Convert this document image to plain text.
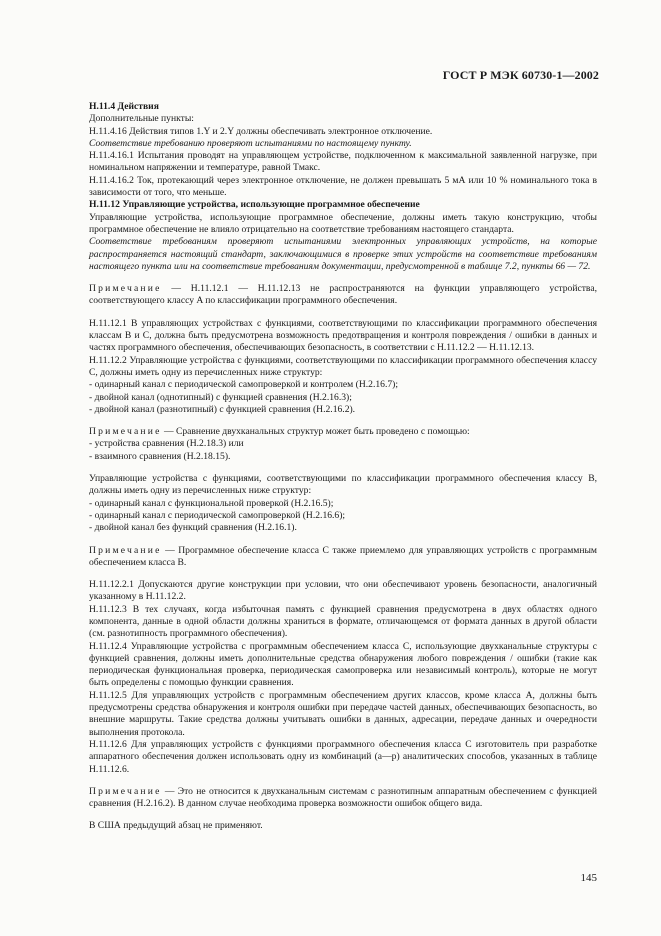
ГОСТ Р МЭК 60730-1—2002

H.11.4 Действия

Дополнительные пункты:

H.11.4.16 Действия типов 1.Y и 2.Y должны обеспечивать электронное отключение.

Соответствие требованию проверяют испытаниями по настоящему пункту.

H.11.4.16.1 Испытания проводят на управляющем устройстве, подключенном к максимальной заявленной нагрузке, при номинальном напряжении и температуре, равной Tмакс.

H.11.4.16.2 Ток, протекающий через электронное отключение, не должен превышать 5 мА или 10 % номинального тока в зависимости от того, что меньше.

H.11.12 Управляющие устройства, использующие программное обеспечение

Управляющие устройства, использующие программное обеспечение, должны иметь такую конструкцию, чтобы программное обеспечение не влияло отрицательно на соответствие требованиям настоящего стандарта.

Соответствие требованиям проверяют испытаниями электронных управляющих устройств, на которые распространяется настоящий стандарт, заключающимися в проверке этих устройств на соответствие требованиям настоящего пункта или на соответствие требованиям документации, предусмотренной в таблице 7.2, пункты 66 — 72.

Примечание — H.11.12.1 — H.11.12.13 не распространяются на функции управляющего устройства, соответствующего классу A по классификации программного обеспечения.

H.11.12.1 В управляющих устройствах с функциями, соответствующими по классификации программного обеспечения классам B и C, должна быть предусмотрена возможность предотвращения и контроля повреждения / ошибки в данных и частях программного обеспечения, обеспечивающих безопасность, в соответствии с H.11.12.2 — H.11.12.13.

H.11.12.2 Управляющие устройства с функциями, соответствующими по классификации программного обеспечения классу C, должны иметь одну из перечисленных ниже структур:

- одинарный канал с периодической самопроверкой и контролем (H.2.16.7);

- двойной канал (однотипный) с функцией сравнения (H.2.16.3);

- двойной канал (разнотипный) с функцией сравнения (H.2.16.2).

Примечание — Сравнение двухканальных структур может быть проведено с помощью:

- устройства сравнения (H.2.18.3) или

- взаимного сравнения (H.2.18.15).

Управляющие устройства с функциями, соответствующими по классификации программного обеспечения классу B, должны иметь одну из перечисленных ниже структур:

- одинарный канал с функциональной проверкой (H.2.16.5);

- одинарный канал с периодической самопроверкой (H.2.16.6);

- двойной канал без функций сравнения (H.2.16.1).

Примечание — Программное обеспечение класса C также приемлемо для управляющих устройств с программным обеспечением класса B.

H.11.12.2.1 Допускаются другие конструкции при условии, что они обеспечивают уровень безопасности, аналогичный указанному в H.11.12.2.

H.11.12.3 В тех случаях, когда избыточная память с функцией сравнения предусмотрена в двух областях одного компонента, данные в одной области должны храниться в формате, отличающемся от формата данных в другой области (см. разнотипность программного обеспечения).

H.11.12.4 Управляющие устройства с программным обеспечением класса C, использующие двухканальные структуры с функцией сравнения, должны иметь дополнительные средства обнаружения любого повреждения / ошибки (такие как периодическая функциональная проверка, периодическая самопроверка или независимый контроль), которые не могут быть определены с помощью функции сравнения.

H.11.12.5 Для управляющих устройств с программным обеспечением других классов, кроме класса A, должны быть предусмотрены средства обнаружения и контроля ошибки при передаче частей данных, обеспечивающих безопасность, во внешние маршруты. Такие средства должны учитывать ошибки в данных, адресации, передаче данных и очередности выполнения протокола.

H.11.12.6 Для управляющих устройств с функциями программного обеспечения класса C изготовитель при разработке аппаратного обеспечения должен использовать одну из комбинаций (а—р) аналитических способов, указанных в таблице H.11.12.6.

Примечание — Это не относится к двухканальным системам с разнотипным аппаратным обеспечением с функцией сравнения (H.2.16.2). В данном случае необходима проверка возможности ошибок общего вида.

В США предыдущий абзац не применяют.

145
